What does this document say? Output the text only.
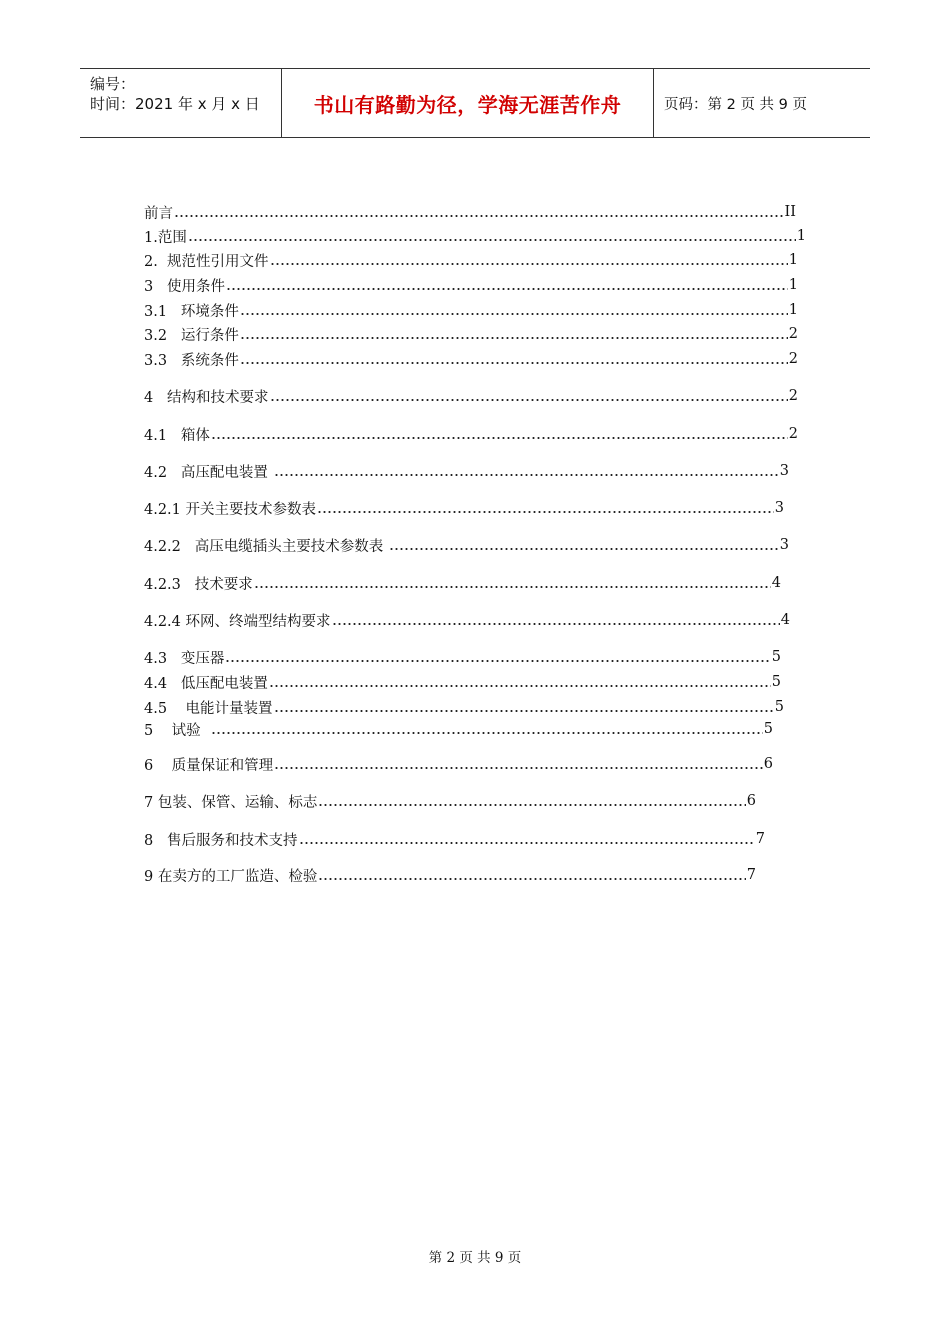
编号：
时间：2021 年 x 月 x 日	书山有路勤为径，学海无涯苦作舟	页码：第 2 页 共 9 页
前言	II
1.范围	1
2.  规范性引用文件	1
3   使用条件	1
3.1   环境条件	1
3.2   运行条件	2
3.3   系统条件	2
4   结构和技术要求	2
4.1   箱体	2
4.2   高压配电装置	3
4.2.1 开关主要技术参数表	3
4.2.2   高压电缆插头主要技术参数表	3
4.2.3   技术要求	4
4.2.4 环网、终端型结构要求	4
4.3   变压器	5
4.4   低压配电装置	5
4.5    电能计量装置	5
5    试验	5
6    质量保证和管理	6
7 包装、保管、运输、标志	6
8   售后服务和技术支持	7
9 在卖方的工厂监造、检验	7
第 2 页 共 9 页
